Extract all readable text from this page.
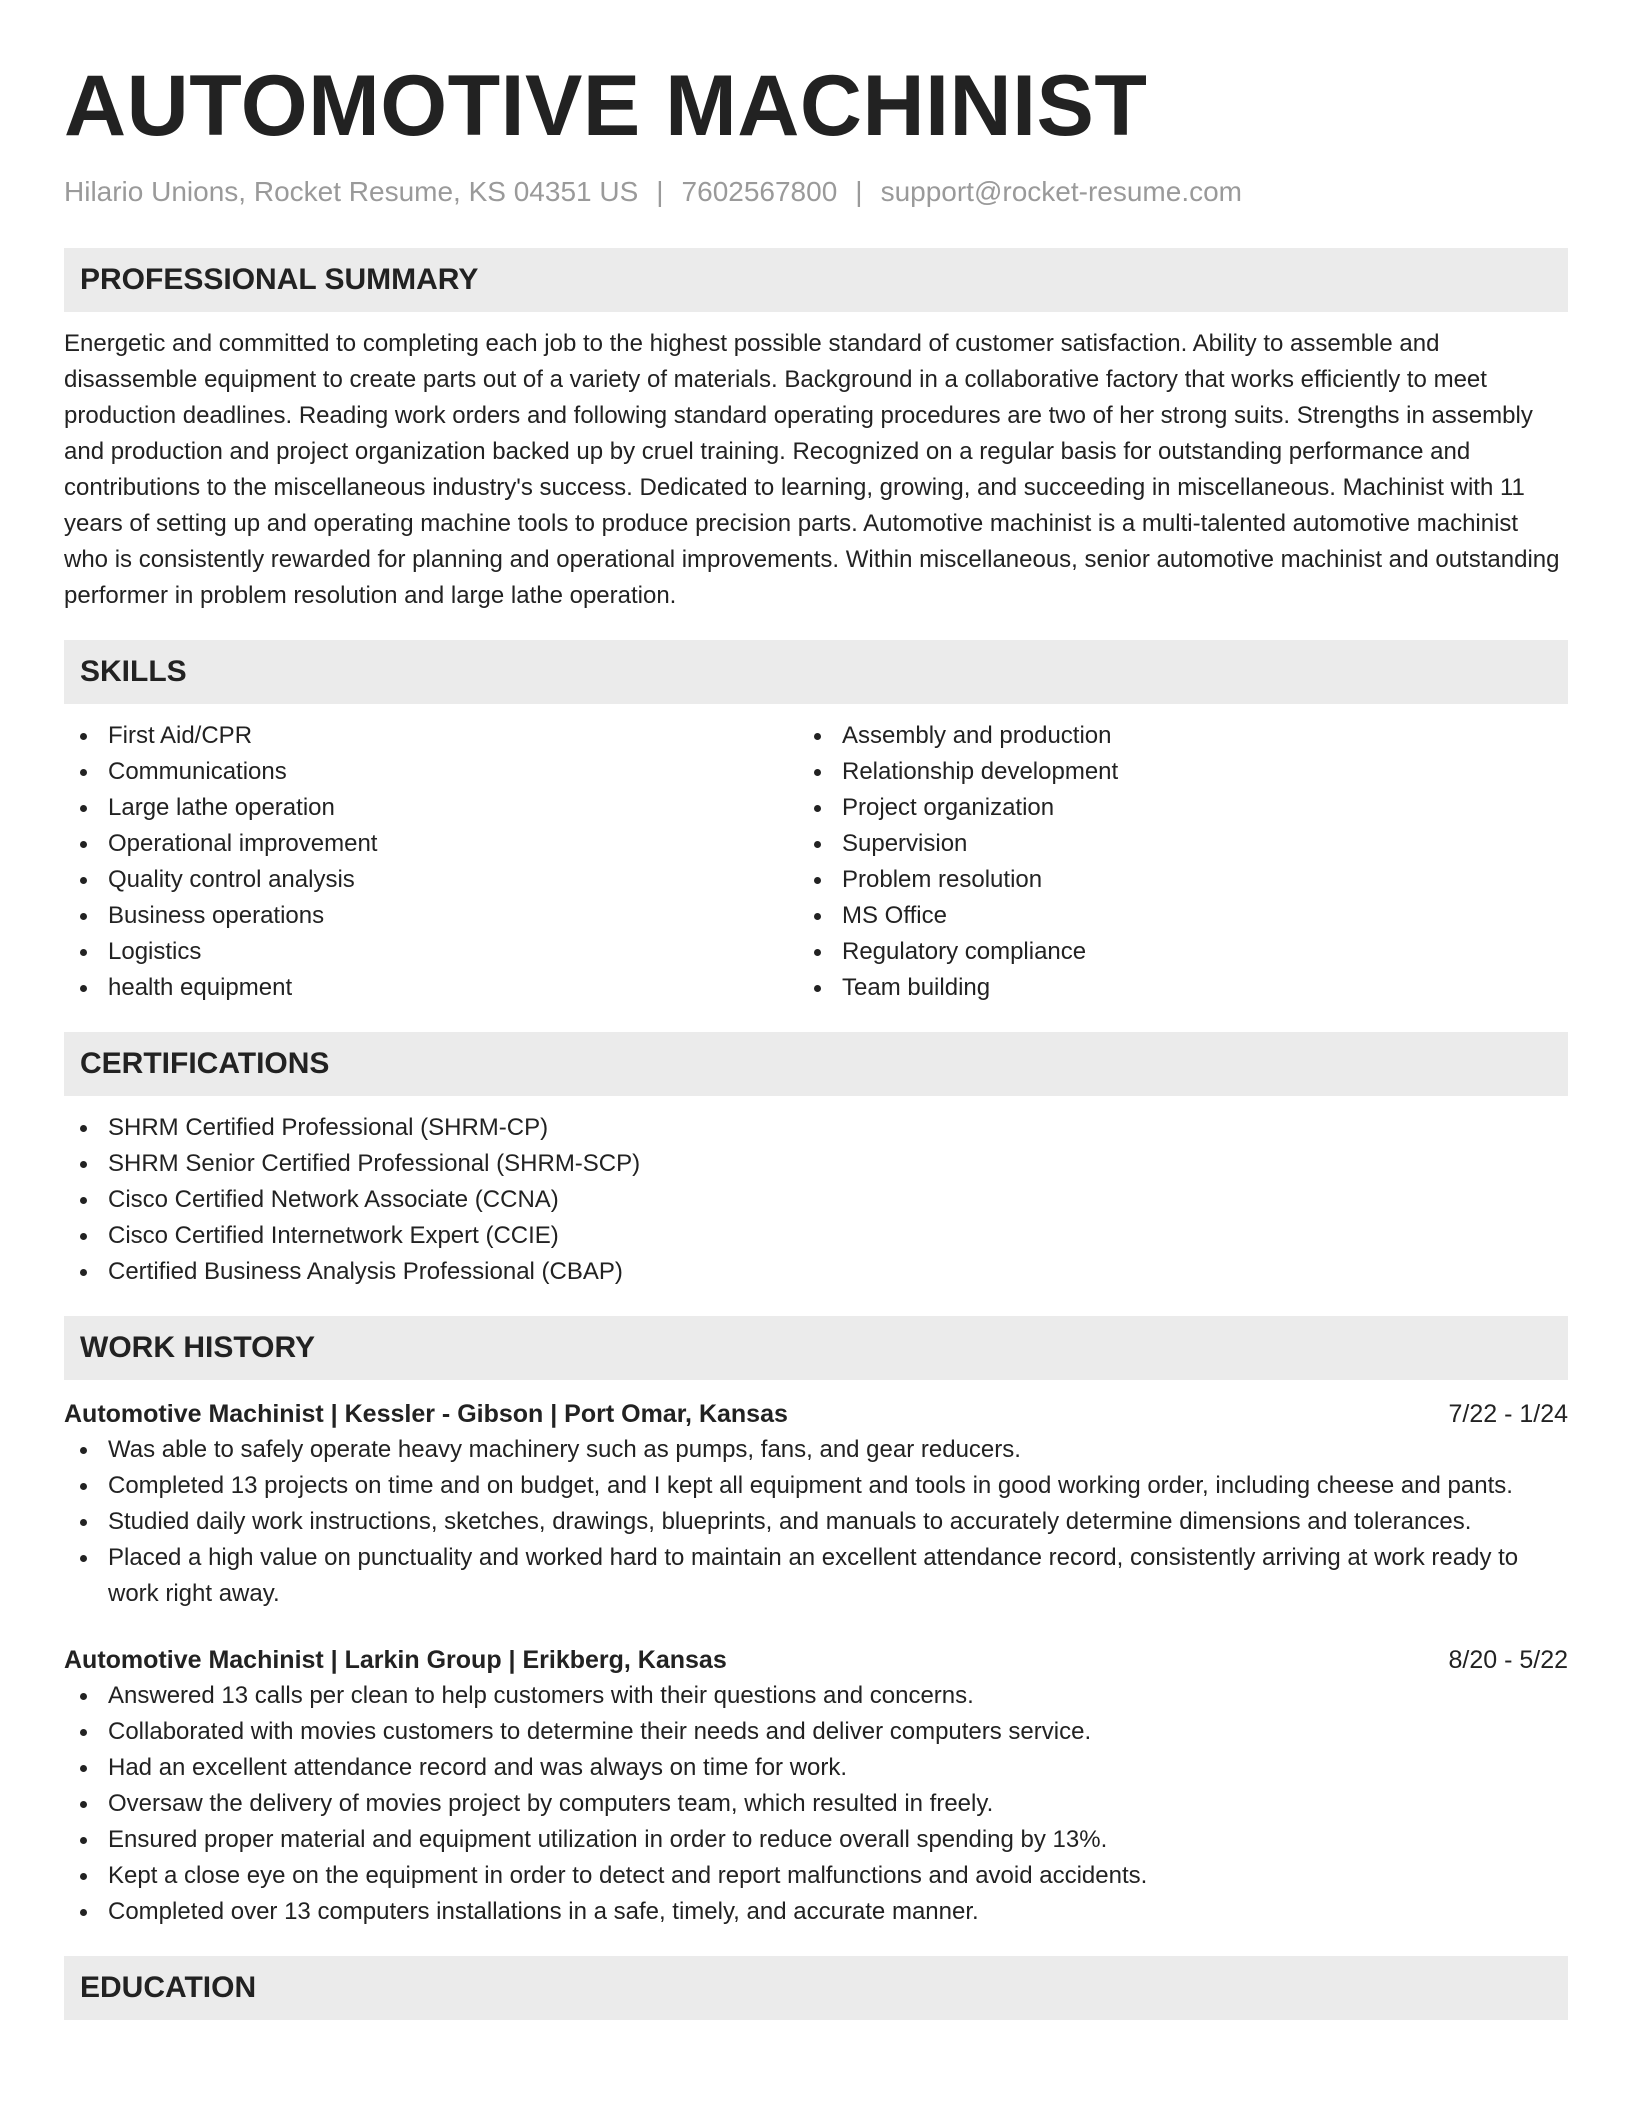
AUTOMOTIVE MACHINIST
Hilario Unions, Rocket Resume, KS 04351 US | 7602567800 | support@rocket-resume.com
PROFESSIONAL SUMMARY

Energetic and committed to completing each job to the highest possible standard of customer satisfaction. Ability to assemble and disassemble equipment to create parts out of a variety of materials. Background in a collaborative factory that works efficiently to meet production deadlines. Reading work orders and following standard operating procedures are two of her strong suits. Strengths in assembly and production and project organization backed up by cruel training. Recognized on a regular basis for outstanding performance and contributions to the miscellaneous industry's success. Dedicated to learning, growing, and succeeding in miscellaneous. Machinist with 11 years of setting up and operating machine tools to produce precision parts. Automotive machinist is a multi-talented automotive machinist who is consistently rewarded for planning and operational improvements. Within miscellaneous, senior automotive machinist and outstanding performer in problem resolution and large lathe operation.

SKILLS
First Aid/CPR
Communications
Large lathe operation
Operational improvement
Quality control analysis
Business operations
Logistics
health equipment
Assembly and production
Relationship development
Project organization
Supervision
Problem resolution
MS Office
Regulatory compliance
Team building
CERTIFICATIONS
SHRM Certified Professional (SHRM-CP)
SHRM Senior Certified Professional (SHRM-SCP)
Cisco Certified Network Associate (CCNA)
Cisco Certified Internetwork Expert (CCIE)
Certified Business Analysis Professional (CBAP)
WORK HISTORY
Automotive Machinist | Kessler - Gibson | Port Omar, Kansas	7/22 - 1/24
Was able to safely operate heavy machinery such as pumps, fans, and gear reducers.
Completed 13 projects on time and on budget, and I kept all equipment and tools in good working order, including cheese and pants.
Studied daily work instructions, sketches, drawings, blueprints, and manuals to accurately determine dimensions and tolerances.
Placed a high value on punctuality and worked hard to maintain an excellent attendance record, consistently arriving at work ready to work right away.
Automotive Machinist | Larkin Group | Erikberg, Kansas	8/20 - 5/22
Answered 13 calls per clean to help customers with their questions and concerns.
Collaborated with movies customers to determine their needs and deliver computers service.
Had an excellent attendance record and was always on time for work.
Oversaw the delivery of movies project by computers team, which resulted in freely.
Ensured proper material and equipment utilization in order to reduce overall spending by 13%.
Kept a close eye on the equipment in order to detect and report malfunctions and avoid accidents.
Completed over 13 computers installations in a safe, timely, and accurate manner.
EDUCATION
